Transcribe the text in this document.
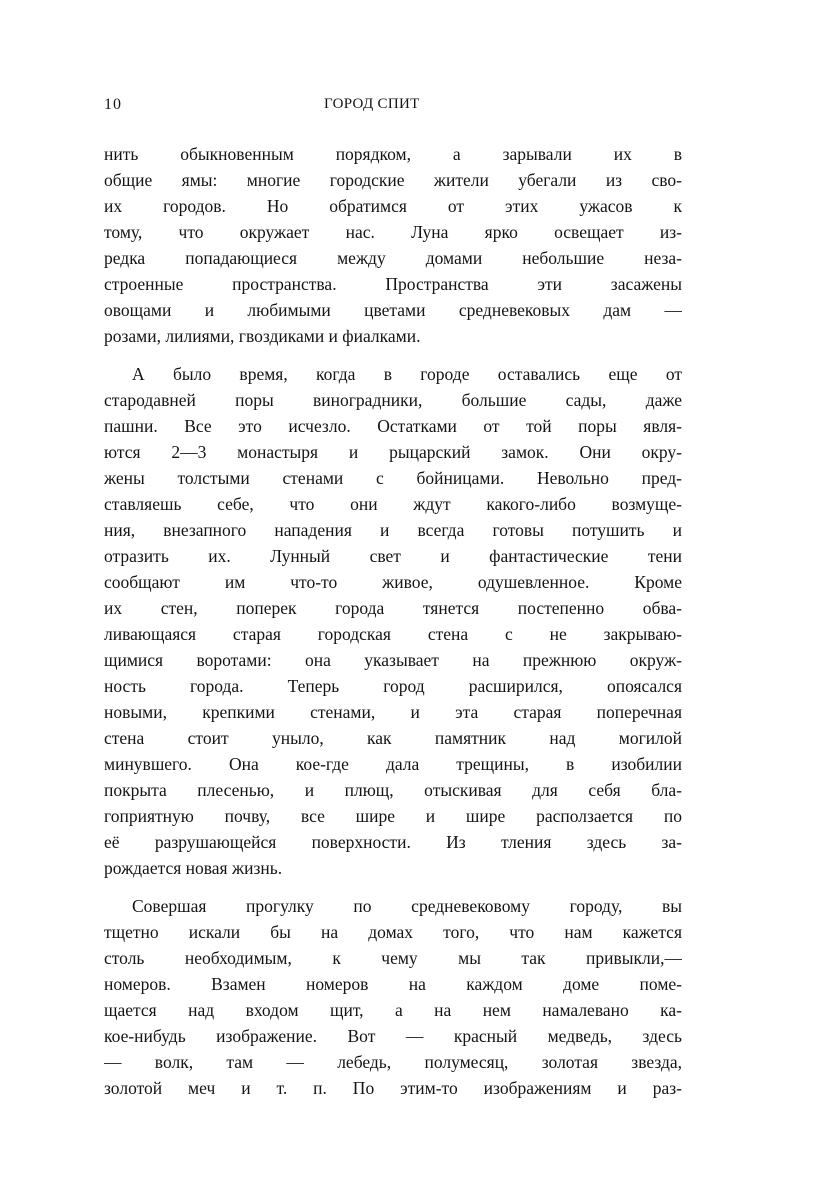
10	ГОРОД СПИТ
нить обыкновенным порядком, а зарывали их в
общие ямы: многие городские жители убегали из сво-
их городов. Но обратимся от этих ужасов к
тому, что окружает нас. Луна ярко освещает из-
редка попадающиеся между домами небольшие неза-
строенные пространства. Пространства эти засажены
овощами и любимыми цветами средневековых дам —
розами, лилиями, гвоздиками и фиалками.
А было время, когда в городе оставались еще от
стародавней поры виноградники, большие сады, даже
пашни. Все это исчезло. Остатками от той поры явля-
ются 2—3 монастыря и рыцарский замок. Они окру-
жены толстыми стенами с бойницами. Невольно пред-
ставляешь себе, что они ждут какого-либо возмуще-
ния, внезапного нападения и всегда готовы потушить и
отразить их. Лунный свет и фантастические тени
сообщают им что-то живое, одушевленное. Кроме
их стен, поперек города тянется постепенно обва-
ливающаяся старая городская стена с не закрываю-
щимися воротами: она указывает на прежнюю окруж-
ность города. Теперь город расширился, опоясался
новыми, крепкими стенами, и эта старая поперечная
стена стоит уныло, как памятник над могилой
минувшего. Она кое-где дала трещины, в изобилии
покрыта плесенью, и плющ, отыскивая для себя бла-
гоприятную почву, все шире и шире расползается по
её разрушающейся поверхности. Из тления здесь за-
рождается новая жизнь.
Совершая прогулку по средневековому городу, вы
тщетно искали бы на домах того, что нам кажется
столь необходимым, к чему мы так привыкли,—
номеров. Взамен номеров на каждом доме поме-
щается над входом щит, а на нем намалевано ка-
кое-нибудь изображение. Вот — красный медведь, здесь
— волк, там — лебедь, полумесяц, золотая звезда,
золотой меч и т. п. По этим-то изображениям и раз-
